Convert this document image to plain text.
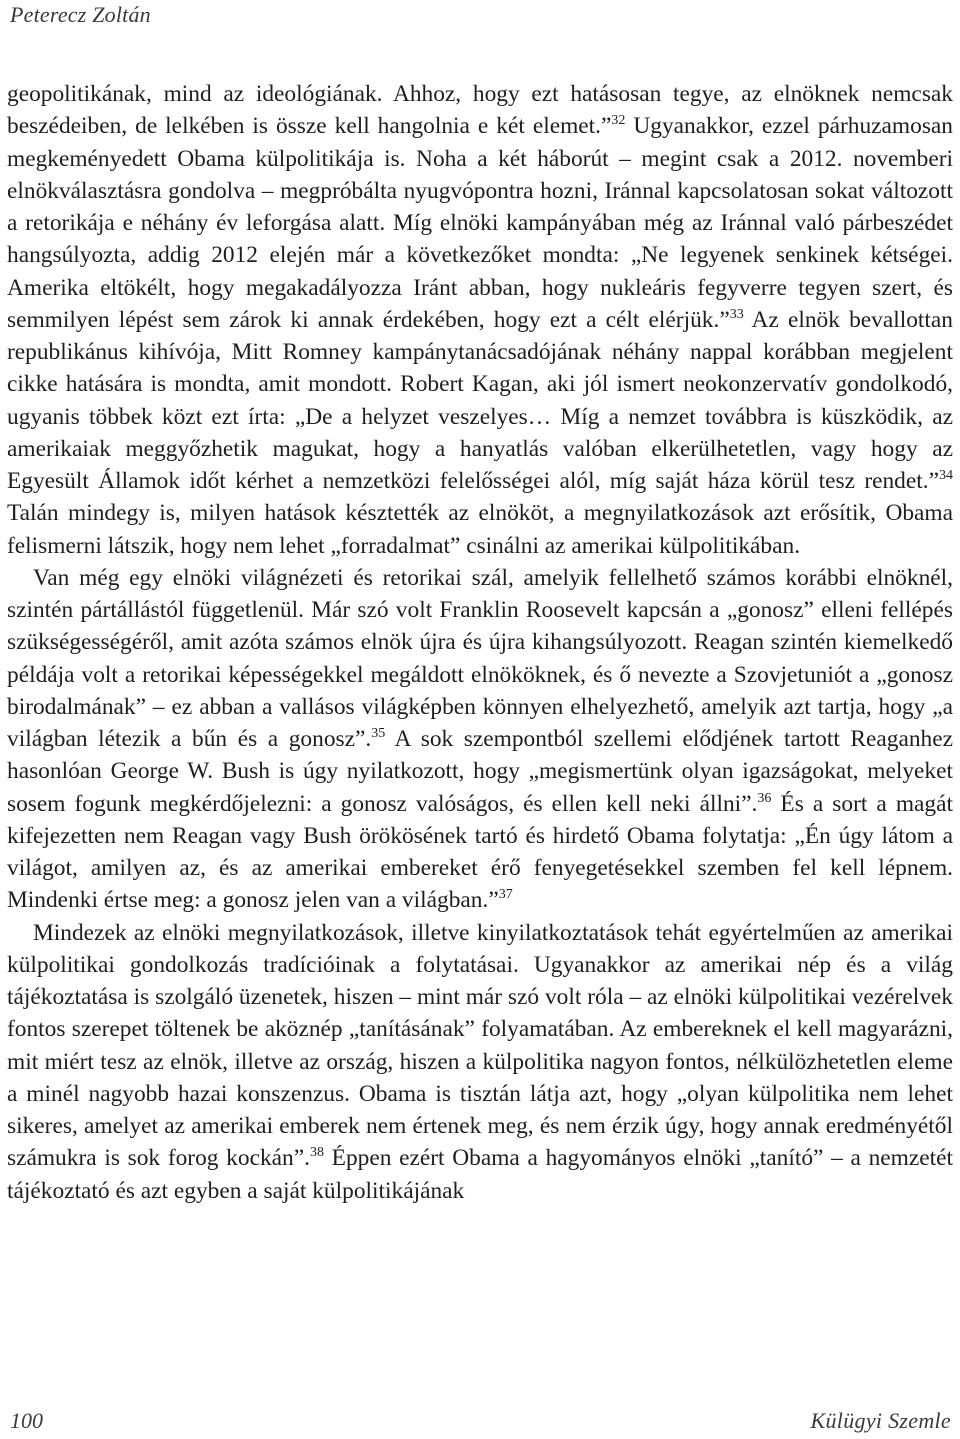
Peterecz Zoltán

geopolitikának, mind az ideológiának. Ahhoz, hogy ezt hatásosan tegye, az elnöknek nemcsak beszédeiben, de lelkében is össze kell hangolnia e két elemet.”$^{32}$ Ugyanakkor, ezzel párhuzamosan megkeményedett Obama külpolitikája is. Noha a két háborút – megint csak a 2012. novemberi elnökválasztásra gondolva – megpróbálta nyugvópontra hozni, Iránnal kapcsolatosan sokat változott a retorikája e néhány év leforgása alatt. Míg elnöki kampányában még az Iránnal való párbeszédet hangsúlyozta, addig 2012 elején már a következőket mondta: „Ne legyenek senkinek kétségei. Amerika eltökélt, hogy megakadályozza Iránt abban, hogy nukleáris fegyverre tegyen szert, és semmilyen lépést sem zárok ki annak érdekében, hogy ezt a célt elérjük.”$^{33}$ Az elnök bevallottan republikánus kihívója, Mitt Romney kampánytanácsadójának néhány nappal korábban megjelent cikke hatására is mondta, amit mondott. Robert Kagan, aki jól ismert neokonzervatív gondolkodó, ugyanis többek közt ezt írta: „De a helyzet veszelyes… Míg a nemzet továbbra is küszködik, az amerikaiak meggyőzhetik magukat, hogy a hanyatlás valóban elkerülhetetlen, vagy hogy az Egyesült Államok időt kérhet a nemzetközi felelősségei alól, míg saját háza körül tesz rendet.”$^{34}$ Talán mindegy is, milyen hatások késztették az elnököt, a megnyilatkozások azt erősítik, Obama felismerni látszik, hogy nem lehet „forradalmat” csinálni az amerikai külpolitikában.

Van még egy elnöki világnézeti és retorikai szál, amelyik fellelhető számos korábbi elnöknél, szintén pártállástól függetlenül. Már szó volt Franklin Roosevelt kapcsán a „gonosz” elleni fellépés szükségességéről, amit azóta számos elnök újra és újra kihangsúlyozott. Reagan szintén kiemelkedő példája volt a retorikai képességekkel megáldott elnököknek, és ő nevezte a Szovjetuniót a „gonosz birodalmának” – ez abban a vallásos világképben könnyen elhelyezhető, amelyik azt tartja, hogy „a világban létezik a bűn és a gonosz”.$^{35}$ A sok szempontból szellemi elődjének tartott Reaganhez hasonlóan George W. Bush is úgy nyilatkozott, hogy „megismertünk olyan igazságokat, melyeket sosem fogunk megkérdőjelezni: a gonosz valóságos, és ellen kell neki állni”.$^{36}$ És a sort a magát kifejezetten nem Reagan vagy Bush örökösének tartó és hirdető Obama folytatja: „Én úgy látom a világot, amilyen az, és az amerikai embereket érő fenyegetésekkel szemben fel kell lépnem. Mindenki értse meg: a gonosz jelen van a világban.”$^{37}$

Mindezek az elnöki megnyilatkozások, illetve kinyilatkoztatások tehát egyértelműen az amerikai külpolitikai gondolkozás tradícióinak a folytatásai. Ugyanakkor az amerikai nép és a világ tájékoztatása is szolgáló üzenetek, hiszen – mint már szó volt róla – az elnöki külpolitikai vezérelvek fontos szerepet töltenek be aköznép „tanításának” folyamatában. Az embereknek el kell magyarázni, mit miért tesz az elnök, illetve az ország, hiszen a külpolitika nagyon fontos, nélkülözhetetlen eleme a minél nagyobb hazai konszenzus. Obama is tisztán látja azt, hogy „olyan külpolitika nem lehet sikeres, amelyet az amerikai emberek nem értenek meg, és nem érzik úgy, hogy annak eredményétől számukra is sok forog kockán”.$^{38}$ Éppen ezért Obama a hagyományos elnöki „tanító” – a nemzetét tájékoztató és azt egyben a saját külpolitikájának

100	Külügyi Szemle
